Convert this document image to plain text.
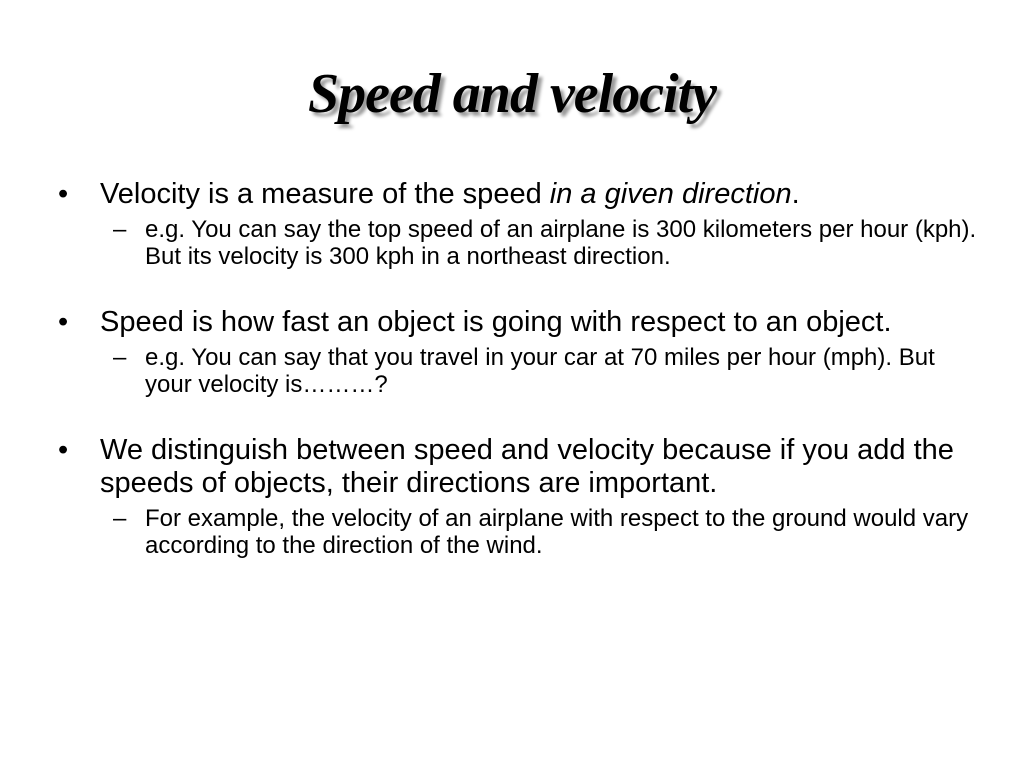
Speed and velocity
•	Velocity is a measure of the speed in a given direction.
– e.g. You can say the top speed of an airplane is 300 kilometers per hour (kph). But its velocity is 300 kph in a northeast direction.
•	Speed is how fast an object is going with respect to an object.
– e.g. You can say that you travel in your car at 70 miles per hour (mph). But your velocity is………?
•	We distinguish between speed and velocity because if you add the speeds of objects, their directions are important.
– For example, the velocity of an airplane with respect to the ground would vary according to the direction of the wind.
